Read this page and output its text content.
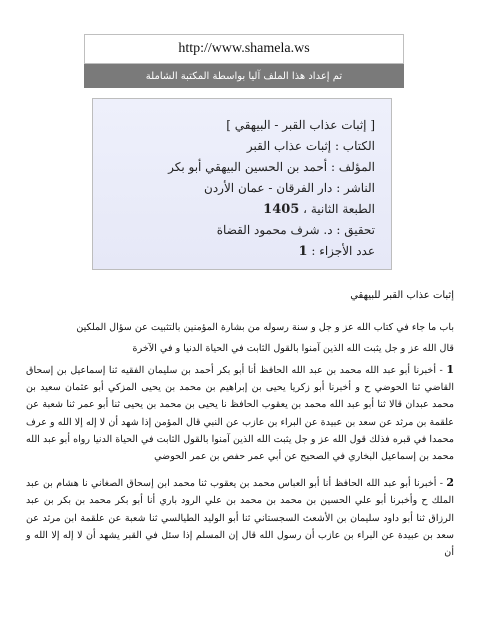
http://www.shamela.ws
تم إعداد هذا الملف آليا بواسطة المكتبة الشاملة
[ إثبات عذاب القبر - البيهقي ]
الكتاب : إثبات عذاب القبر
المؤلف : أحمد بن الحسين البيهقي أبو بكر
الناشر : دار الفرقان - عمان الأردن
الطبعة الثانية ، 1405
تحقيق : د. شرف محمود القضاة
عدد الأجزاء : 1
إثبات عذاب القبر للبيهقي
باب ما جاء في كتاب الله عز و جل و سنة رسوله من بشارة المؤمنين بالتثبيت عن سؤال الملكين
قال الله عز و جل يثبت الله الذين آمنوا بالقول الثابت في الحياة الدنيا و في الآخرة
1 - أخبرنا أبو عبد الله محمد بن عبد الله الحافظ أنا أبو بكر أحمد بن سليمان الفقيه ثنا إسماعيل بن إسحاق القاضي ثنا الحوضي ح و أخبرنا أبو زكريا يحيى بن إبراهيم بن محمد بن يحيى المزكي أبو عثمان سعيد بن محمد عبدان قالا ثنا أبو عبد الله محمد بن يعقوب الحافظ نا يحيى بن محمد بن يحيى ثنا أبو عمر ثنا شعبة عن علقمة بن مرثد عن سعد بن عبيدة عن البراء بن عازب عن النبي قال المؤمن إذا شهد أن لا إله إلا الله و عرف محمدا في قبره فذلك قول الله عز و جل يثبت الله الذين آمنوا بالقول الثابت في الحياة الدنيا رواه أبو عبد الله محمد بن إسماعيل البخاري في الصحيح عن أبي عمر حفص بن عمر الحوضي
2 - أخبرنا أبو عبد الله الحافظ أنا أبو العباس محمد بن يعقوب ثنا محمد ابن إسحاق الصغاني نا هشام بن عبد الملك ح وأخبرنا أبو علي الحسين بن محمد بن محمد بن علي الرود باري أنا أبو بكر محمد بن بكر بن عبد الرزاق ثنا أبو داود سليمان بن الأشعث السجستاني ثنا أبو الوليد الطيالسي ثنا شعبة عن علقمة ابن مرثد عن سعد بن عبيدة عن البراء بن عازب أن رسول الله قال إن المسلم إذا سئل في القبر يشهد أن لا إله إلا الله و أن
